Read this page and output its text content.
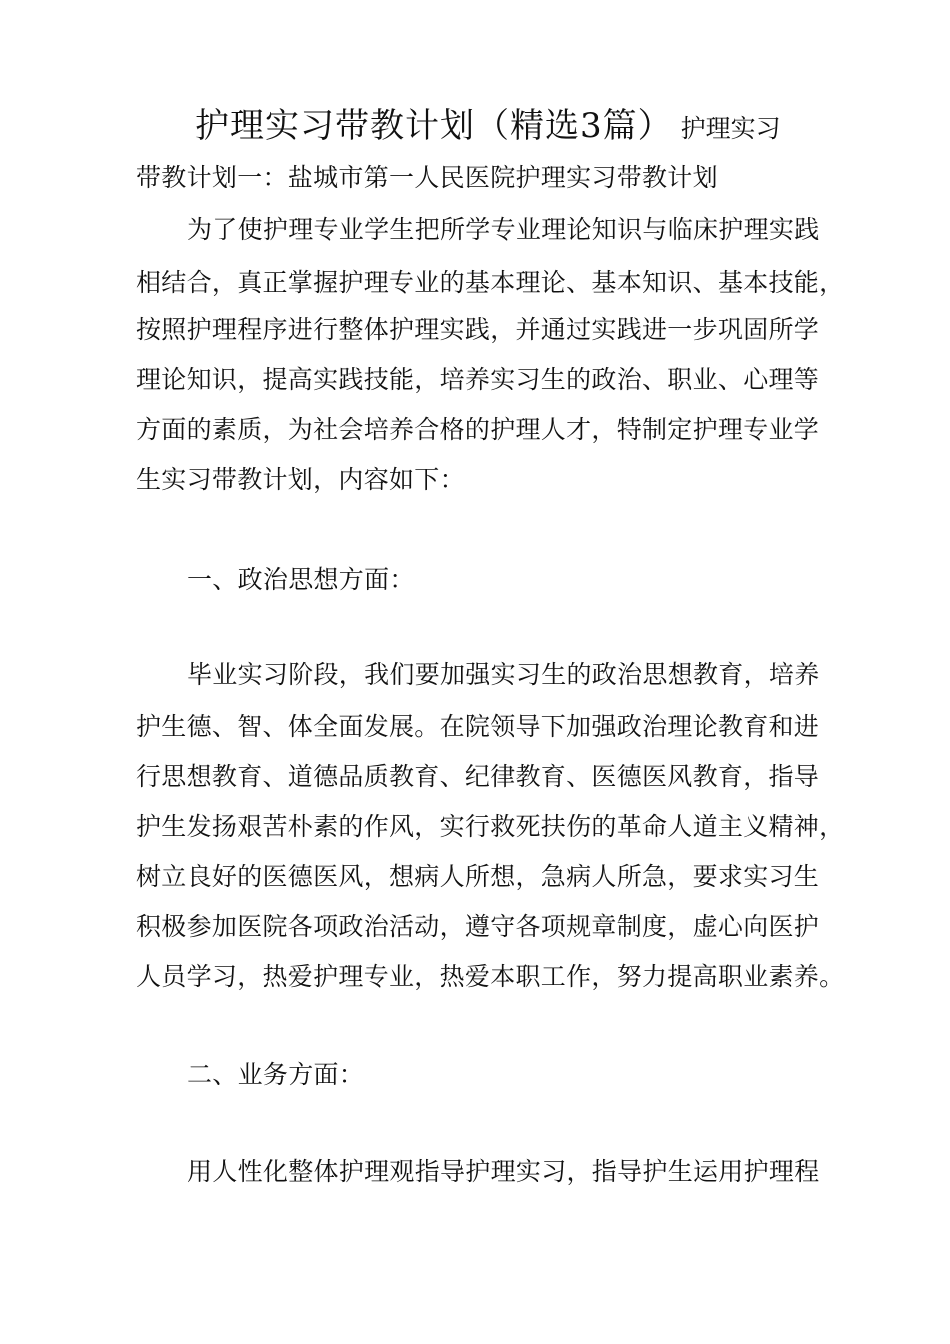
护理实习带教计划（精选3篇） 护理实习
带教计划一：盐城市第一人民医院护理实习带教计划
为了使护理专业学生把所学专业理论知识与临床护理实践
相结合，真正掌握护理专业的基本理论、基本知识、基本技能，
按照护理程序进行整体护理实践，并通过实践进一步巩固所学
理论知识，提高实践技能，培养实习生的政治、职业、心理等
方面的素质，为社会培养合格的护理人才，特制定护理专业学
生实习带教计划，内容如下：
一、政治思想方面：
毕业实习阶段，我们要加强实习生的政治思想教育，培养
护生德、智、体全面发展。在院领导下加强政治理论教育和进
行思想教育、道德品质教育、纪律教育、医德医风教育，指导
护生发扬艰苦朴素的作风，实行救死扶伤的革命人道主义精神，
树立良好的医德医风，想病人所想，急病人所急，要求实习生
积极参加医院各项政治活动，遵守各项规章制度，虚心向医护
人员学习，热爱护理专业，热爱本职工作，努力提高职业素养。
二、业务方面：
用人性化整体护理观指导护理实习，指导护生运用护理程
